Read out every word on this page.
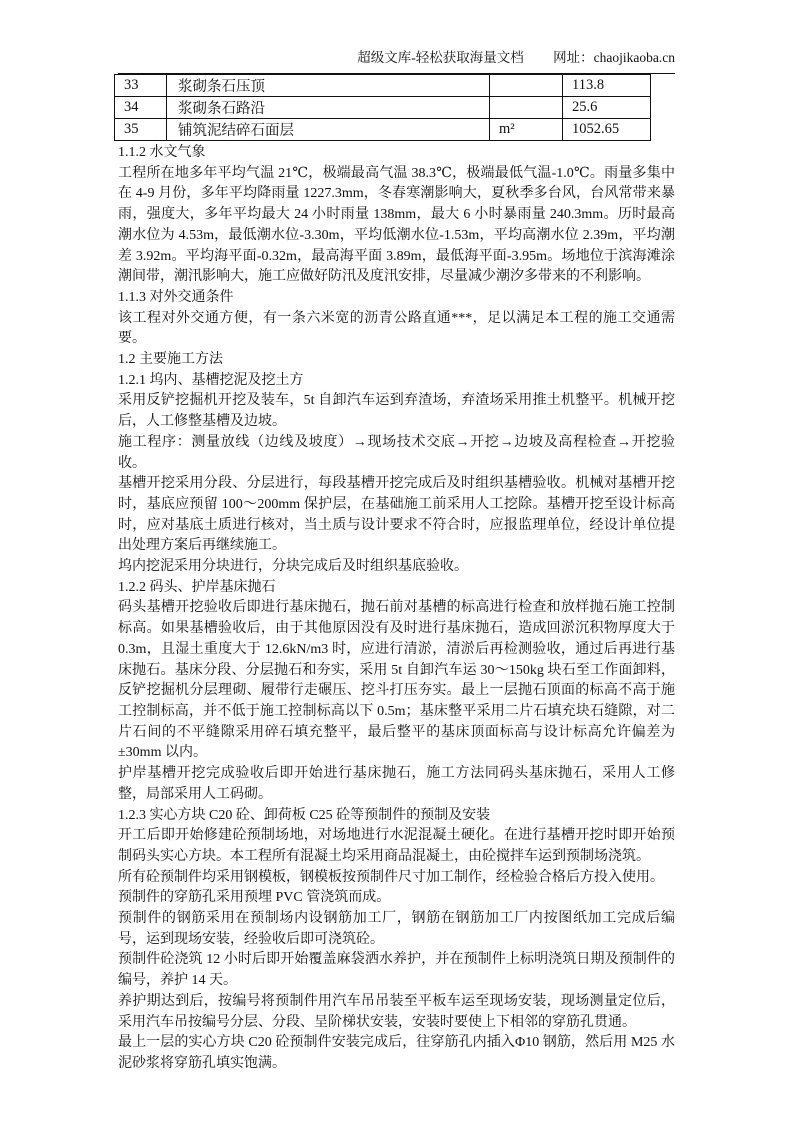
超级文库-轻松获取海量文档 网址：chaojikaoba.cn
33	浆砌条石压顶		113.8
34	浆砌条石路沿		25.6
35	铺筑泥结碎石面层	m²	1052.65
1.1.2 水文气象

工程所在地多年平均气温 21℃，极端最高气温 38.3℃，极端最低气温-1.0℃。雨量多集中在 4-9 月份，多年平均降雨量 1227.3mm，冬春寒潮影响大，夏秋季多台风，台风常带来暴雨，强度大，多年平均最大 24 小时雨量 138mm，最大 6 小时暴雨量 240.3mm。历时最高潮水位为 4.53m，最低潮水位-3.30m，平均低潮水位-1.53m，平均高潮水位 2.39m，平均潮差 3.92m。平均海平面-0.32m，最高海平面 3.89m，最低海平面-3.95m。场地位于滨海滩涂潮间带，潮汛影响大，施工应做好防汛及度汛安排，尽量减少潮汐多带来的不利影响。

1.1.3 对外交通条件

该工程对外交通方便，有一条六米宽的沥青公路直通***，足以满足本工程的施工交通需要。

1.2 主要施工方法
1.2.1 坞内、基槽挖泥及挖土方

采用反铲挖掘机开挖及装车，5t 自卸汽车运到弃渣场，弃渣场采用推土机整平。机械开挖后，人工修整基槽及边坡。

施工程序：测量放线（边线及坡度）→现场技术交底→开挖→边坡及高程检查→开挖验收。

基槽开挖采用分段、分层进行，每段基槽开挖完成后及时组织基槽验收。机械对基槽开挖时，基底应预留 100～200mm 保护层，在基础施工前采用人工挖除。基槽开挖至设计标高时，应对基底土质进行核对，当土质与设计要求不符合时，应报监理单位，经设计单位提出处理方案后再继续施工。

坞内挖泥采用分块进行，分块完成后及时组织基底验收。

1.2.2 码头、护岸基床抛石

码头基槽开挖验收后即进行基床抛石，抛石前对基槽的标高进行检查和放样抛石施工控制标高。如果基槽验收后，由于其他原因没有及时进行基床抛石，造成回淤沉积物厚度大于 0.3m，且湿土重度大于 12.6kN/m3 时，应进行清淤，清淤后再检测验收，通过后再进行基床抛石。基床分段、分层抛石和夯实，采用 5t 自卸汽车运 30～150kg 块石至工作面卸料，反铲挖掘机分层理砌、履带行走碾压、挖斗打压夯实。最上一层抛石顶面的标高不高于施工控制标高，并不低于施工控制标高以下 0.5m；基床整平采用二片石填充块石缝隙，对二片石间的不平缝隙采用碎石填充整平，最后整平的基床顶面标高与设计标高允许偏差为±30mm 以内。

护岸基槽开挖完成验收后即开始进行基床抛石，施工方法同码头基床抛石，采用人工修整，局部采用人工码砌。

1.2.3 实心方块 C20 砼、卸荷板 C25 砼等预制件的预制及安装

开工后即开始修建砼预制场地，对场地进行水泥混凝土硬化。在进行基槽开挖时即开始预制码头实心方块。本工程所有混凝土均采用商品混凝土，由砼搅拌车运到预制场浇筑。

所有砼预制件均采用钢模板，钢模板按预制件尺寸加工制作，经检验合格后方投入使用。

预制件的穿筋孔采用预埋 PVC 管浇筑而成。

预制件的钢筋采用在预制场内设钢筋加工厂，钢筋在钢筋加工厂内按图纸加工完成后编号，运到现场安装，经验收后即可浇筑砼。

预制件砼浇筑 12 小时后即开始覆盖麻袋洒水养护，并在预制件上标明浇筑日期及预制件的编号，养护 14 天。

养护期达到后，按编号将预制件用汽车吊吊装至平板车运至现场安装，现场测量定位后，采用汽车吊按编号分层、分段、呈阶梯状安装，安装时要使上下相邻的穿筋孔贯通。

最上一层的实心方块 C20 砼预制件安装完成后，往穿筋孔内插入Φ10 钢筋，然后用 M25 水泥砂浆将穿筋孔填实饱满。
